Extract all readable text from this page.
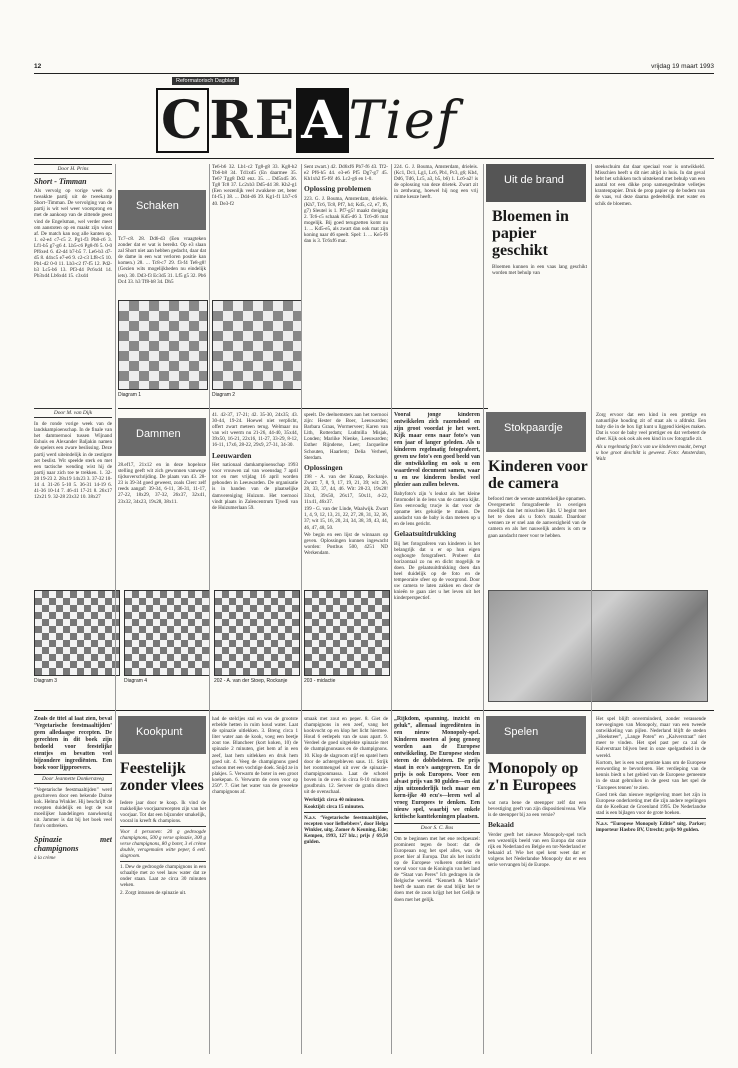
12	vrijdag 19 maart 1993
Reformatorisch Dagblad
CREATief
Door H. Prins
Short - Timman

Als vervolg op vorige week de tweakkte partij uit de tweekamp Short–Timman. De vervolging van de partij is wit wel weer voorsprong en met de aankoop van de zittende geest vind de Engelsman, wel verder meet om aanstoten op en maakt zijn winst af. De match kan nog alle kanten op. 1. e2-e4 c7-c5 2. Pg1-f3 Pb8-c6 3. Lf1-b5 g7-g6 4. Lb5-c6 Pg8-f6 5. 0-0 Pf6xe4 6. d2-d4 b7-b5 7. Le6-b3 d7-d5 8. d4xc5 e7-e6 9. c2-c3 Lf8-c5 10. Pb1-d2 0-0 11. Lb3-c2 f7-f5 12. Pd2-b3 Lc5-b6 13. Pf3-d4 Pc6xd4 14. Pb3xd4 Lb6xd4 15. c3xd4

Door M. van Dijk

In de ronde vorige week van de landskampioenschap. In de finale van het damtoernooi tussen Wijnand Eshuis en Alexander Baljakin namen de spelers een zware beslissing. Deze partij werd uiteindelijk in de zestigste zet beslist. Wit speelde sterk en met een tactische wending wist hij de partij naar zich toe te trekken. 1. 32-28 19-23 2. 28x19 14x23 3. 37-32 10-14 4. 31-26 5-10 5. 36-31 14-19 6. 41-36 10-14 7. 46-41 17-21 8. 26x17 12x21 9. 32-28 23x32 10. 38x27

Schaken

Tc7–c8. 28. Dd6-d3 (Een vraagteken zonder dat er wat is bereikt. Op e3 slaan zal Short niet aan hebben gedacht, daar dat de dame in een wat verloren positie kan komen.) 28. ... Tc8-c7 29. f3-f4 Te8-g8! (Gezien wits mogelijkheden nu eindelijk iets). 30. Dd3-f3 Ec3d5 31. Lf5 g5 32. Pb6 Dc4 33. h3 Tf8-b8 34. Dh5

Te6-b6 32. Lb1-c2 Tg8-g8 33. Kg8-h2 Tb6-b8 34. Td1xd5 (En daarmee 35. Te6? Tgg8 Dd2 enz. 35. ... Dd5xd5 36. Tg8 Tc8 37. Lc2xb3 Dd5-d4 38. Kh2-g1 (Een wezenlijk veel zwakkere zet, beter f4-f5.) 38. ... Dd4-d6 39. Kg1-f1 Lb7-c6 40. De3-f2

Diagram 1	Diagram 2

Sent zwart.) 42. Dd6xf6 Pb7-f6 43. Tf2-e2 Pf6-h5 44. e3-e6 Pf5 Dg7-g7 45. Kh1xh2 f5-f6! 46. Lc2-g6 en 1-0.

Oplossing problemen

223. G. J. Bouma, Amsterdam, drieleis. (Kh7, Tc6, Tc8, Pf7, h4; Kd5, c2, e7, f6, g7) Sleutel is 1. Pf7-g5! maakt dreiging 2. Tc6-c5 schaak Kd5-d6 3. Tc6-d6 mat mogelijk. Bij goed terugzetten komt nu 1. ... Kd5-e5, als zwart dan ook mat zijn koning naar d6 speelt. Spel: 1. ... Ke5-f6 dan is 3. Tc6xf6 mat.

224. G. J. Bouma, Amsterdam, drieleis. (Kc1, Dc1, Lg1, Lc6, Pb1, Pc3, g6; Kb4, Dd6, Td6, Lc5, a3, b5, b6) 1. Lc6-a2! is de oplossing van deze drietek. Zwart zit in zetdwang, hoewel hij nog een vrij ruime keuze heeft.

Uit de brand
Bloemen in papier geschikt

Bloemen kunnen in een vaas lang geschikt worden met behulp van

steekschuim dat daar speciaal voor is ontwikkeld. Misschien heeft u dit niet altijd in huis. In dat geval hebt het schikken toch uitstekend met behulp van een aantal tot een dikke prop samengedrukte velletjes krantenpapier. Druk de prop papier op de bodem van de vaas, vul deze daarna gedeeltelijk met water en schik de bloemen.

Dammen

28.ef17, 21x12 en in deze hopeloze stelling geeft wit zich gewonnen vanwege tijdsoverschrijding. De plaats van 43. 28-23 is 39-34 goed geweest, zoals Clerc zelf reeds aangaf: 39-34, 6-11, 36-31, 11-17, 27-22, 18x29, 37-32, 26x37, 32x41, 23x32, 34x23, 19x28, 38x11.

41. 42-37, 17-21; 42. 35-30, 24x35; 43. 30-44, 19-24. Hoewel niet verplicht, offert zwart meteen terug. Welmaar nu van wit weerm nu 21-26, 44-40, 35x44, 39x50, 16-21, 22x16, 11-27, 33-29, 8-12, 16-11, 17x6, 28-22, 29x9, 27-31, 34-30.

Leeuwarden

Het nationaal damkampioenschap 1993 voor vrouwen zal van woensdag 7 april tot en met vrijdag 16 april worden gehouden in Leeuwarden. De organisatie is in handen van de plaatselijke damvereniging Huizum. Het toernooi vindt plaats in Zalencentrum Tjvedi van de Huizumerlaan 59.

speelt. De deelnemsters aan het toernooi zijn: Hester de Boer, Leeuwarden; Barbara Graas, Wormerveer; Karen van Lith, Rotterdam; Ludmilla Misjak, Londen; Mariike Nienke, Leeuwarden; Esther Rijnderse, Leer; Jacqueline Schouten, Haarlem; Delia Verheel, Sterdam.

Oplossingen

198 - A. van der Knaap, Rockanje. Zwart: 7, 8, 9, 17, 19, 21, 39; wit: 26, 28, 33, 37, 44, 46. Wit: 28-23, 19x28! 33x4, 39x50, 26x17, 50x11, 4-22, 11x41, 46x37.

199 - G. van der Linde, Waalwijk. Zwart 1, 4, 9, 12, 13, 21, 22, 27, 28, 31, 32, 36, 37; wit 15, 16, 20, 24, 34, 38, 39, 43, 44, 46, 47, 48, 50.

We begin en een lijst de winnaars op geven. Oplossingen kunnen ingewacht worden: Postbus 500, 4251 ND Werkendam.

Diagram 3	Diagram 4	202 - A. van der Stoep, Rockanje	203 - midactie

Vooral jonge kinderen ontwikkelen zich razendsnel en zijn groot voordat je het weet. Kijk maar eens naar foto's van een jaar of langer geleden. Als u kinderen regelmatig fotografeert, geven uw foto's een goed beeld van die ontwikkeling en ook u een waardevol document samen, waar u en uw kinderen beslist veel plezier aan zullen beleven.

Babyfoto's zijn 's leukst als het kleine fotomodel in de lens van de camera kijkt. Een eenvoudig trucje is dat voor de opname iets geluidje te maken. De aandacht van de baby is dan meteen op u en de lens gericht.

Gelaatsuitdrukking

Bij het fotograferen van kinderen is het belangrijk dat u er op hun eigen ooghoogte fotografeert. Probeer dat horizontaal zo nu en dicht mogelijk te doen. De gelaatsuitdrukking doen dan heel duidelijk op de foto en de tempeoraire sfeer op de voorgrond. Door uw camera te laten zakken en door de knieën te gaan ziet u het leven uit het kinderperspectief.

Stokpaardje
Kinderen voor de camera

befoord met de wenste aantrekkelijke opnamen. Overgemerkt fotografeerde in overigen moeilijk dan het misschien lijkt. U begint met het te doen als u foto's maakt. Daardoor wennen ze er snel aan de aanwezigheid van de camera en als het nauwelijk anders is om te gaan aandacht meer voor te hebben.

Zorg ervoor dat een kind in een prettige en natuurlijke houding zit of staat als u afdrukt. Een baby die in de box ligt kunt u liggend kiekjes maken. Dat is voor de baby veel prettiger en dat verbetert de sfeer. Kijk ook ook als een kind in uw fotografie zit.

Als u regelmatig foto's van uw kinderen maakt, beregt u hoe groot deschikt is geweest. Foto: Amsterdam, Walz

Zoals de titel al laat zien, beval ‘Vegetarische feestmaaltijden’ geen alledaagse recepten. De gerechten in dit boek zijn bedoeld voor feestelijke etentjes en bevatten veel bijzondere ingrediënten. Een boek voor lijpproevers.

Door Jeannette Donkersteeg

“Vegetarische feestmaaltijden” werd geschreven door een bekende Duitse kok. Helma Winkler. Hij beschrijft de recepten duidelijk en legt de wat moeilijker handelingen nauwkeurig uit. Jammer is dat bij het boek veel foto's ontbreken.

Spinazie met champignons

à la crème

Kookpunt
Feestelijk zonder vlees

Iedere jaar door te koop. Ik vind de makkelijke voorjaarsrecepten zijn van het voorjaar. Tot dat een bijzonder smakelijk, vooral in kreeft & champions.

Voor 4 personen: 20 g gedroogde champignons, 500 g verse spinazie, 300 g verse champignons, 80 g boter, 3 el crème double, versgemalen witte peper, 6 eetl. slagroom.

1. Dew de gedroogde champignons in een schaaltje met zo veel lauw water dat ze onder staan. Laat ze circa 30 minuten weken.

2. Zorgt intussen de spinazie uit.

had de stelcljes stal en was de grootste erbelde hetten in ruim koud water. Laat de spinazie uitlekken. 3. Breng circa 1 liter water aan de kook, voeg een beetje zout toe. Blancheer (kort koken, 10) de spinazie 2 minuten, giet hem af in een zeef, laat hem uitlekken en druk hem goed uit. 4. Veeg de champignons goed schoon met een vochtige doek. Snijd ze in plakjes. 5. Verwarm de boter in een groot koekepan. 6. Verwarm de oven voor op 250°. 7. Giet het water van de geweekte champignons af.

smaak met zout en peper. 8. Giet de champignons in een zeef, vang het kookvocht op en klop het licht hiermee. Houd 6 eetlepels van de saus apart. 9. Verdeel de goed uitgelekte spinazie met de champignonsaus en de champignons. 10. Klop de slagroom stijf en spatel hem door de achtergebleven saus. 11. Strijk het roommengsel uit over de spinazie-champignonmassa. Laat de schotel boven in de oven in circa 8-10 minuten goudbruin. 12. Serveer de gratin direct uit de ovenschaal.

Werktijd: circa 40 minuten.

Kooktijd: circa 15 minuten.

N.a.v. ‘Vegetarische feestmaaltijden, recepten voor liefhebbers’, door Helga Winkler, uitg. Zomer & Keuning, Ede; Kempen, 1993, 127 blz.; prijs ƒ 69,50 gulden.

„Rijkdom, spanning, inzicht en geluk”, allemaal ingrediënten in een nieuw Monopoly-spel. Kinderen moeten al jong genoeg worden aan de Europese ontwikkeling. De Europese steden steren de dobbelsteen. De prijs staat in eco's aangegeven. En de prijs is ook Europees. Voor een alvast prijs van 90 gulden—en dat zijn uitzonderlijk toch maar een kern-ijke 40 ecu's—leren wel al vroeg Europees te denken. Een nieuw spel, waarbij we enkele kritische kanttekeningen plaatsen.

Door S. C. Bos

Om te beginnen met het ene rechpeuzel: prominent tegen de boot: dat de Europeaan nog het spel alles, was de proet hier al Europa. Dat als het inzicht op de Europese volkeren ontdekt en toeval voor van de Koningin van het land de “Staat van Peres” Ich gedragen in de Belgische wereld. “Kenneth & Marie” heeft de naam met de stad blijkt het te doen met de zoon krijgt het het Gelijk te doen met het gelijk.

Spelen
Monopoly op z'n Europees

wat nota bene de steenpper zelf dat een bevestiging geeft van zijn dispositieniveau. Wie is de steenpper bij zo een versie?

Bekaaid

Verder geeft het nieuwe Monopoly-spel toch een wezenlijk beeld van een Europa dat onze rijk en Nederland en Belgie en tot-Nederland er bekaaid af. Wie het spel kent weet dat er volgens het Nederlandse Monopoly dat er een serie vervangen bij de Europe.

Het spel blijft onverminderd, zonder verassende toevoegingen van Monopoly, maar van een tweede ontwikkeling van pijlen. Nederland blijft de steden „Hoeksteer”, „Lange Poten” en „Kalverstraat” niet meer te vinden. Het spel past per ca zal de Kalverstraat blijven best in onze spelgastheid in de wereld.

Kortom, het is een wat gemiste kans om de Europese eenwording te bevorderen. Het verdieping van de kennis biedt u het gebied van de Europese gemeente in de staat gebruiken in de geest van het spel de ‘Europees tennen’ te zien.

Goed trek dan nieuwe regelgeving moet het zijn in Europese onderkreting met die zijn andere regelingen dat de Koelkast de Groenland 1995. De Nederlandse stad is een bijlagen voor de grote boeken.

N.a.v. “Europese Monopoly Editie” uitg. Parker; importeur Hasbro BV, Utrecht; prijs 90 gulden.
